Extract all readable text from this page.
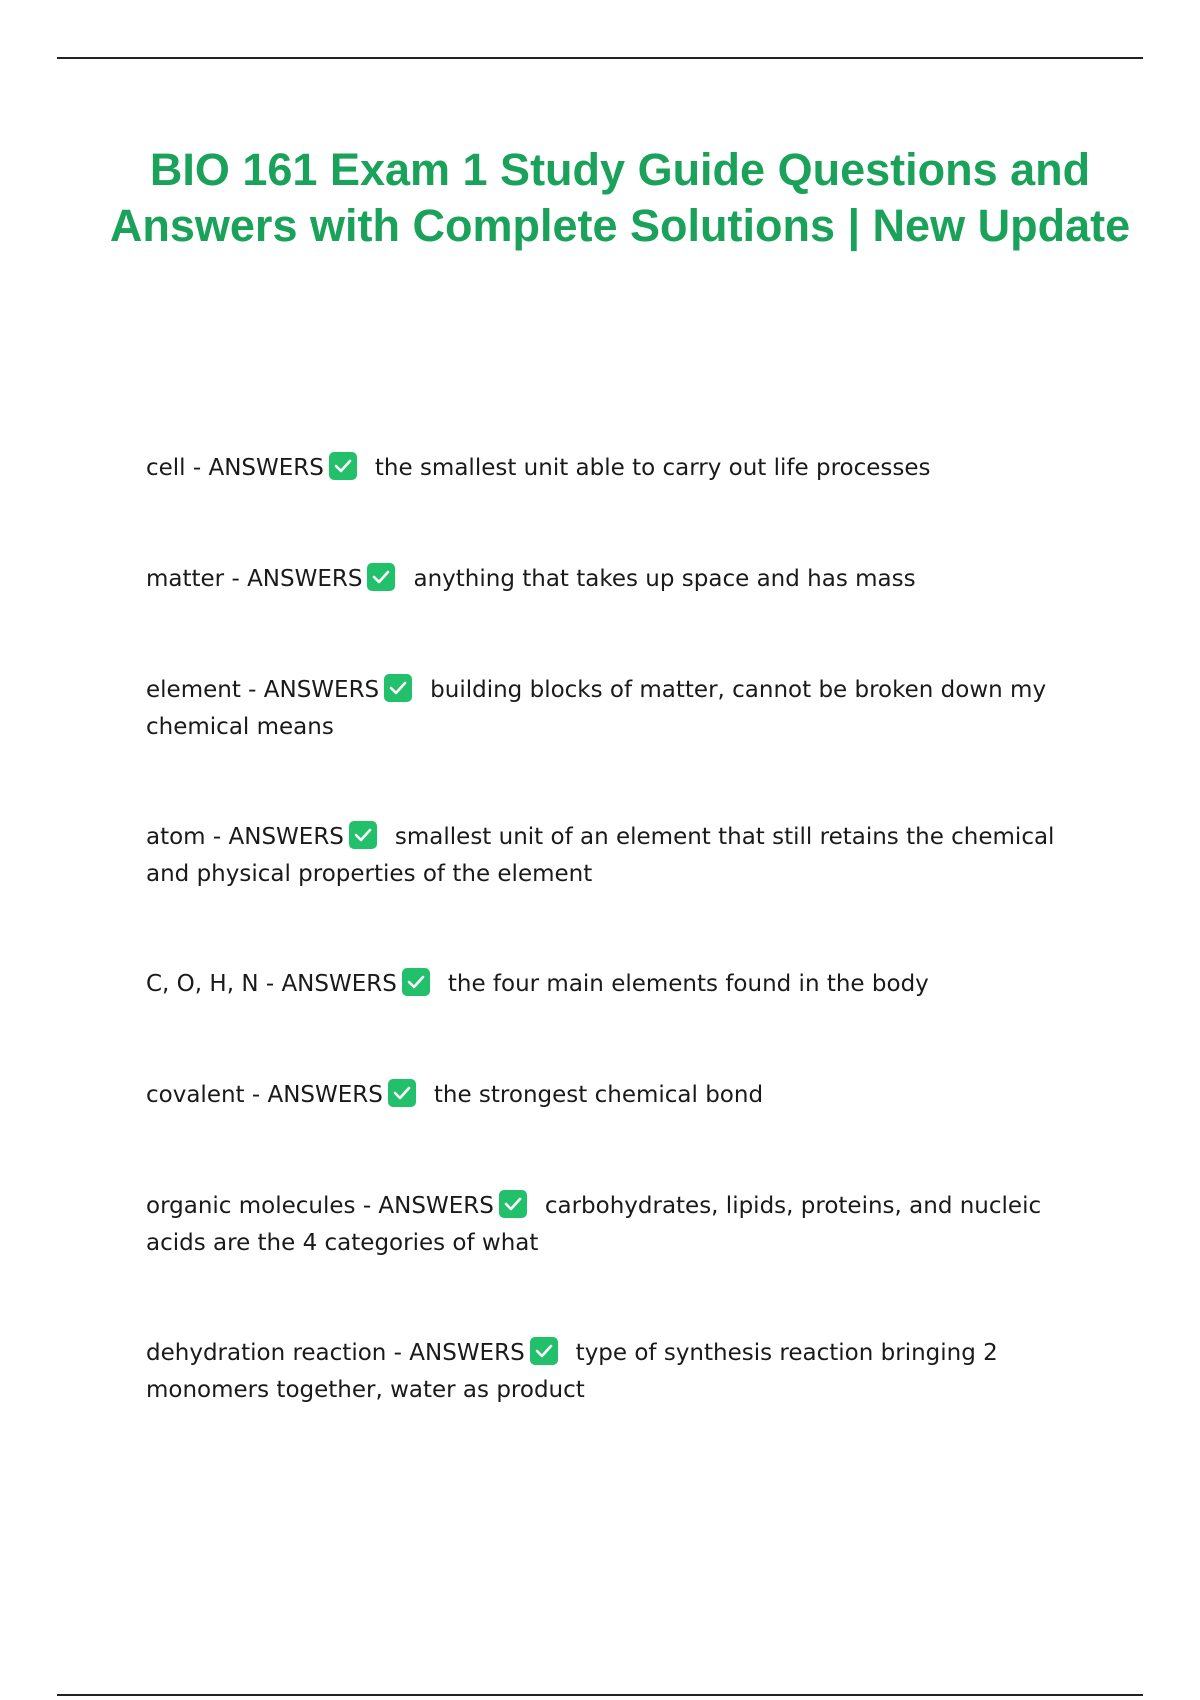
BIO 161 Exam 1 Study Guide Questions and Answers with Complete Solutions | New Update
cell - ANSWERS the smallest unit able to carry out life processes
matter - ANSWERS anything that takes up space and has mass
element - ANSWERS building blocks of matter, cannot be broken down my chemical means
atom - ANSWERS smallest unit of an element that still retains the chemical and physical properties of the element
C, O, H, N - ANSWERS the four main elements found in the body
covalent - ANSWERS the strongest chemical bond
organic molecules - ANSWERS carbohydrates, lipids, proteins, and nucleic acids are the 4 categories of what
dehydration reaction - ANSWERS type of synthesis reaction bringing 2 monomers together, water as product
